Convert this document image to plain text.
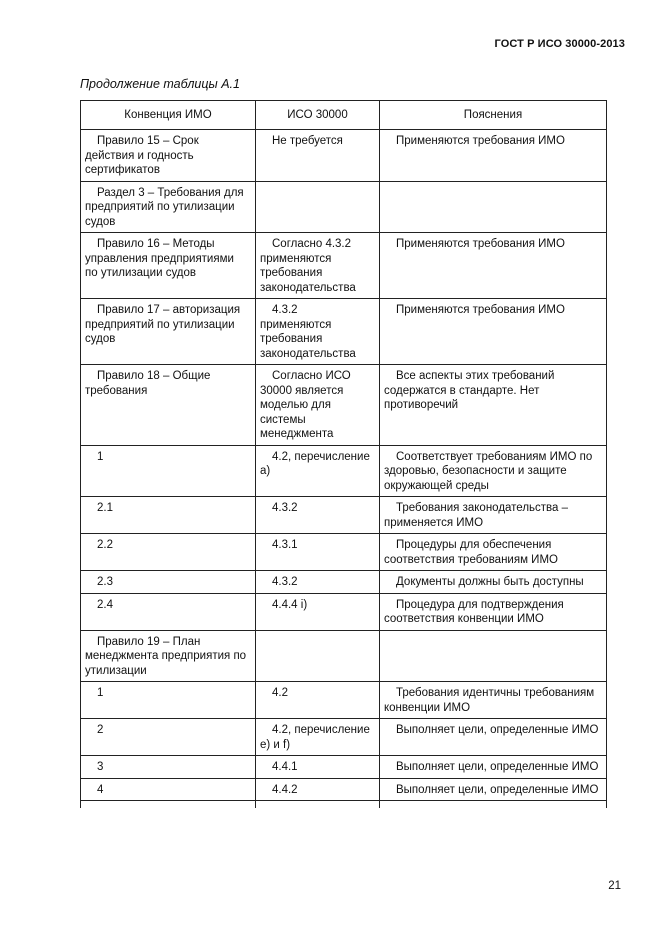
ГОСТ Р ИСО 30000-2013
Продолжение таблицы А.1
Конвенция ИМО	ИСО 30000	Пояснения

Правило 15 – Срок действия и годность сертификатов	Не требуется	Применяются требования ИМО

Раздел 3 – Требования для предприятий по утилизации судов		

Правило 16 – Методы управления предприятиями по утилизации судов	Согласно 4.3.2 применяются требования законодательства	Применяются требования ИМО

Правило 17 – авторизация предприятий по утилизации судов	4.3.2 применяются требования законодательства	Применяются требования ИМО

Правило 18 – Общие требования	Согласно ИСО 30000 является моделью для системы менеджмента	Все аспекты этих требований содержатся в стандарте. Нет противоречий

1	4.2, перечисление a)	Соответствует требованиям ИМО по здоровью, безопасности и защите окружающей среды

2.1	4.3.2	Требования законодательства – применяется ИМО

2.2	4.3.1	Процедуры для обеспечения соответствия требованиям ИМО

2.3	4.3.2	Документы должны быть доступны

2.4	4.4.4 i)	Процедура для подтверждения соответствия конвенции ИМО

Правило 19 – План менеджмента предприятия по утилизации		

1	4.2	Требования идентичны требованиям конвенции ИМО

2	4.2, перечисление e) и f)	Выполняет цели, определенные ИМО

3	4.4.1	Выполняет цели, определенные ИМО

4	4.4.2	Выполняет цели, определенные ИМО

21
